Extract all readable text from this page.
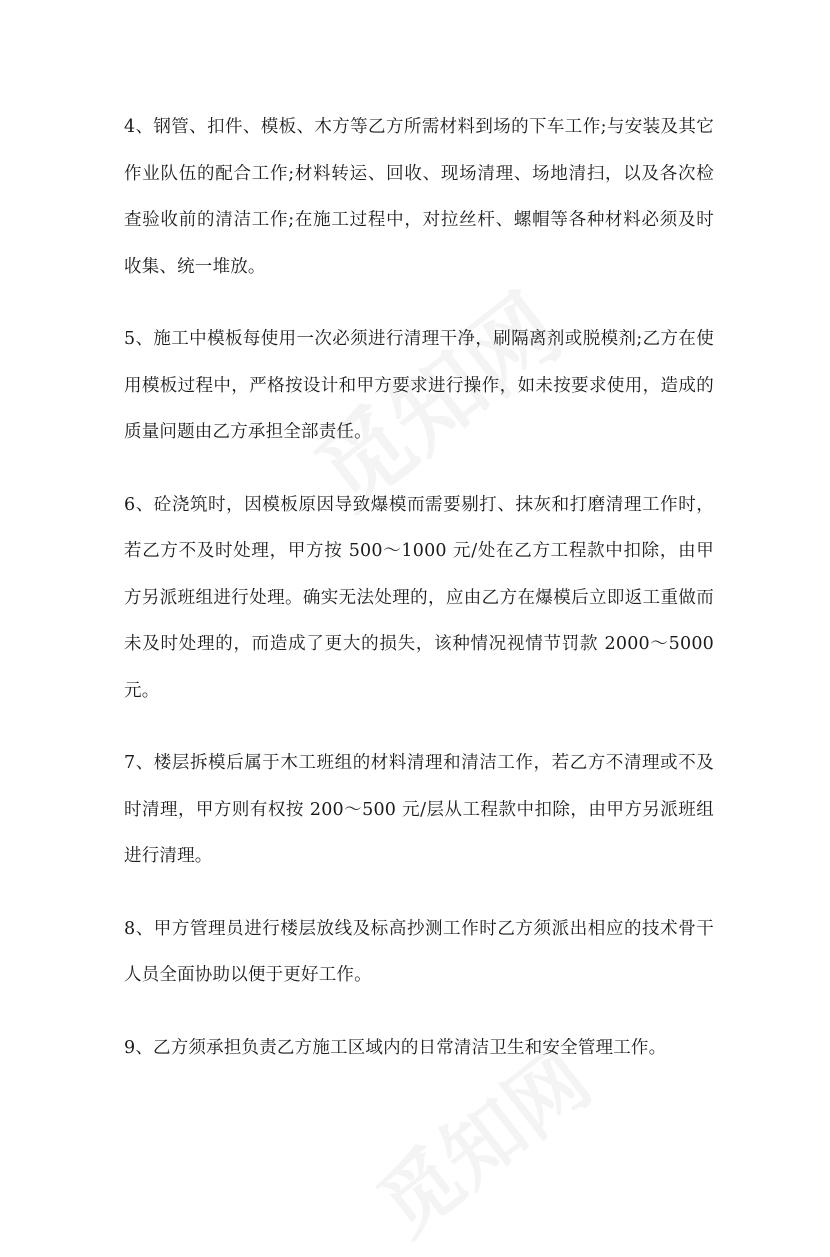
4、钢管、扣件、模板、木方等乙方所需材料到场的下车工作;与安装及其它作业队伍的配合工作;材料转运、回收、现场清理、场地清扫，以及各次检查验收前的清洁工作;在施工过程中，对拉丝杆、螺帽等各种材料必须及时收集、统一堆放。

5、施工中模板每使用一次必须进行清理干净，刷隔离剂或脱模剂;乙方在使用模板过程中，严格按设计和甲方要求进行操作，如未按要求使用，造成的质量问题由乙方承担全部责任。

6、砼浇筑时，因模板原因导致爆模而需要剔打、抹灰和打磨清理工作时，若乙方不及时处理，甲方按 500～1000 元/处在乙方工程款中扣除，由甲方另派班组进行处理。确实无法处理的，应由乙方在爆模后立即返工重做而未及时处理的，而造成了更大的损失，该种情况视情节罚款 2000～5000 元。

7、楼层拆模后属于木工班组的材料清理和清洁工作，若乙方不清理或不及时清理，甲方则有权按 200～500 元/层从工程款中扣除，由甲方另派班组进行清理。

8、甲方管理员进行楼层放线及标高抄测工作时乙方须派出相应的技术骨干人员全面协助以便于更好工作。

9、乙方须承担负责乙方施工区域内的日常清洁卫生和安全管理工作。
